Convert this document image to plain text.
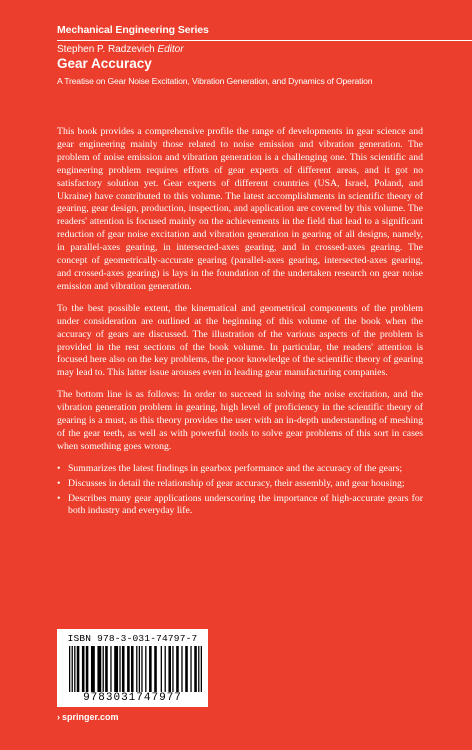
Mechanical Engineering Series
Stephen P. Radzevich Editor
Gear Accuracy
A Treatise on Gear Noise Excitation, Vibration Generation, and Dynamics of Operation

This book provides a comprehensive profile the range of developments in gear science and gear engineering mainly those related to noise emission and vibration generation. The problem of noise emission and vibration generation is a challenging one. This scientific and engineering problem requires efforts of gear experts of different areas, and it got no satisfactory solution yet. Gear experts of different countries (USA, Israel, Poland, and Ukraine) have contributed to this volume. The latest accomplishments in scientific theory of gearing, gear design, production, inspection, and application are covered by this volume. The readers' attention is focused mainly on the achievements in the field that lead to a significant reduction of gear noise excitation and vibration generation in gearing of all designs, namely, in parallel-axes gearing, in intersected-axes gearing, and in crossed-axes gearing. The concept of geometrically-accurate gearing (parallel-axes gearing, intersected-axes gearing, and crossed-axes gearing) is lays in the foundation of the undertaken research on gear noise emission and vibration generation.

To the best possible extent, the kinematical and geometrical components of the problem under consideration are outlined at the beginning of this volume of the book when the accuracy of gears are discussed. The illustration of the various aspects of the problem is provided in the rest sections of the book volume. In particular, the readers' attention is focused here also on the key problems, the poor knowledge of the scientific theory of gearing may lead to. This latter issue arouses even in leading gear manufacturing companies.

The bottom line is as follows: In order to succeed in solving the noise excitation, and the vibration generation problem in gearing, high level of proficiency in the scientific theory of gearing is a must, as this theory provides the user with an in-depth understanding of meshing of the gear teeth, as well as with powerful tools to solve gear problems of this sort in cases when something goes wrong.

• Summarizes the latest findings in gearbox performance and the accuracy of the gears;
• Discusses in detail the relationship of gear accuracy, their assembly, and gear housing;
• Describes many gear applications underscoring the importance of high-accurate gears for both industry and everyday life.
ISBN 978-3-031-74797-7
9783031747977
› springer.com
